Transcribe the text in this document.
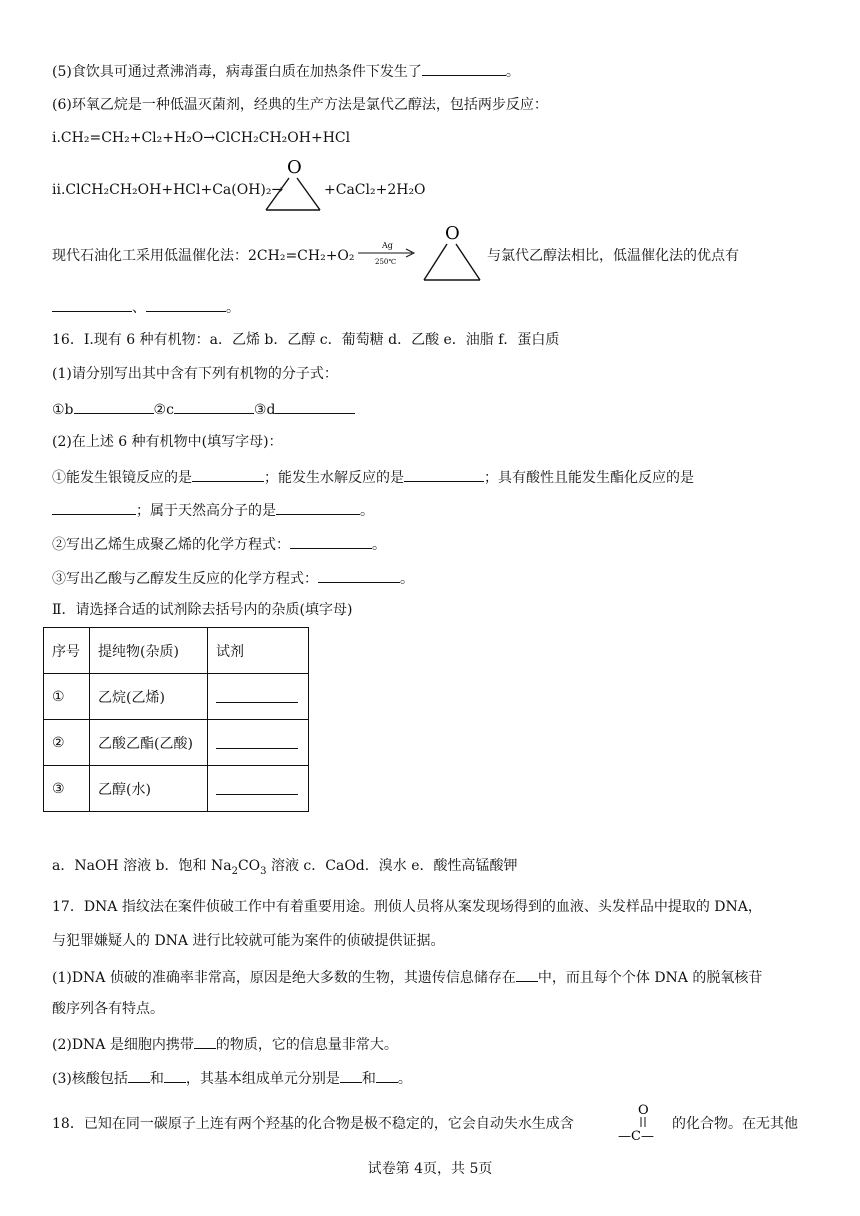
(5)食饮具可通过煮沸消毒，病毒蛋白质在加热条件下发生了	。
(6)环氧乙烷是一种低温灭菌剂，经典的生产方法是氯代乙醇法，包括两步反应：
i.CH₂=CH₂+Cl₂+H₂O→ClCH₂CH₂OH+HCl
ii.ClCH₂CH₂OH+HCl+Ca(OH)₂→
O
+CaCl₂+2H₂O
现代石油化工采用低温催化法：2CH₂=CH₂+O₂
Ag
250℃
O
与氯代乙醇法相比，低温催化法的优点有
、	。
16．Ⅰ.现有 6 种有机物：a．乙烯 b．乙醇 c．葡萄糖 d．乙酸 e．油脂 f．蛋白质
(1)请分别写出其中含有下列有机物的分子式：
①b	②c	③d
(2)在上述 6 种有机物中(填写字母)：
①能发生银镜反应的是	；能发生水解反应的是	；具有酸性且能发生酯化反应的是
；属于天然高分子的是	。
②写出乙烯生成聚乙烯的化学方程式：	。
③写出乙酸与乙醇发生反应的化学方程式：	。
Ⅱ．请选择合适的试剂除去括号内的杂质(填字母)
序号	提纯物(杂质)	试剂
①	乙烷(乙烯)	
②	乙酸乙酯(乙酸)	
③	乙醇(水)	
a．NaOH 溶液 b．饱和 $Na_2CO_3$ 溶液 c．CaOd．溴水 e．酸性高锰酸钾
17．DNA 指纹法在案件侦破工作中有着重要用途。刑侦人员将从案发现场得到的血液、头发样品中提取的 DNA，
与犯罪嫌疑人的 DNA 进行比较就可能为案件的侦破提供证据。
(1)DNA 侦破的准确率非常高，原因是绝大多数的生物，其遗传信息储存在 中，而且每个个体 DNA 的脱氧核苷
酸序列各有特点。
(2)DNA 是细胞内携带 的物质，它的信息量非常大。
(3)核酸包括 和 ，其基本组成单元分别是 和 。
18．已知在同一碳原子上连有两个羟基的化合物是极不稳定的，它会自动失水生成含
O
—C—
的化合物。在无其他
试卷第 4页，共 5页
